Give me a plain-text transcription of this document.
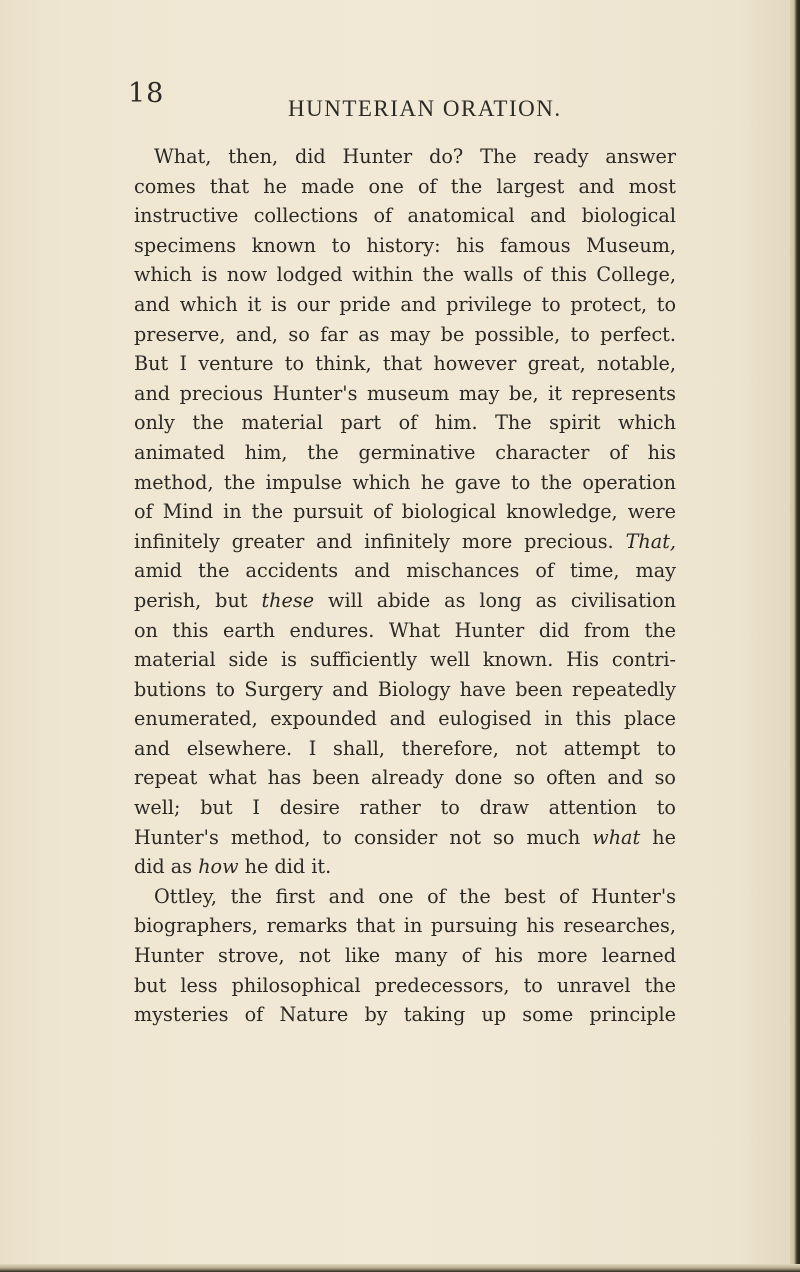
18	HUNTERIAN ORATION.
What, then, did Hunter do? The ready answer
comes that he made one of the largest and most
instructive collections of anatomical and biological
specimens known to history: his famous Museum,
which is now lodged within the walls of this College,
and which it is our pride and privilege to protect, to
preserve, and, so far as may be possible, to perfect.
But I venture to think, that however great, notable,
and precious Hunter's museum may be, it represents
only the material part of him. The spirit which
animated him, the germinative character of his
method, the impulse which he gave to the operation
of Mind in the pursuit of biological knowledge, were
infinitely greater and infinitely more precious. That,
amid the accidents and mischances of time, may
perish, but these will abide as long as civilisation
on this earth endures. What Hunter did from the
material side is sufficiently well known. His contri-
butions to Surgery and Biology have been repeatedly
enumerated, expounded and eulogised in this place
and elsewhere. I shall, therefore, not attempt to
repeat what has been already done so often and so
well; but I desire rather to draw attention to
Hunter's method, to consider not so much what he
did as how he did it.
Ottley, the first and one of the best of Hunter's
biographers, remarks that in pursuing his researches,
Hunter strove, not like many of his more learned
but less philosophical predecessors, to unravel the
mysteries of Nature by taking up some principle
